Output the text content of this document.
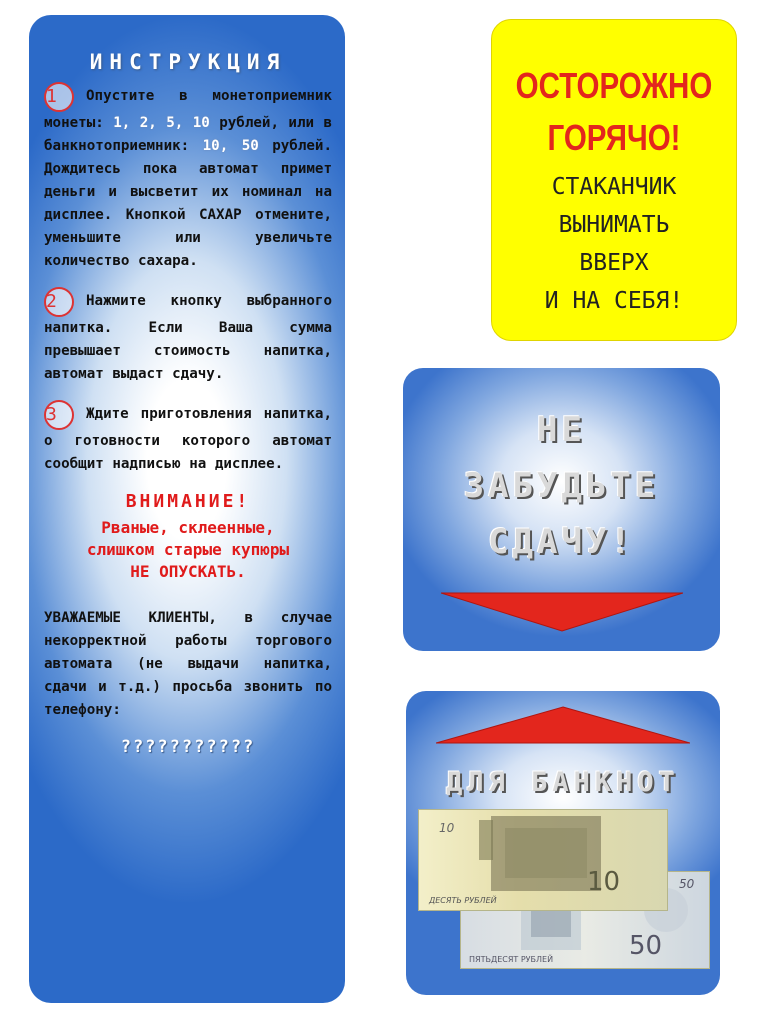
ИНСТРУКЦИЯ
1 Опустите в монетоприемник монеты: 1, 2, 5, 10 рублей, или в банкнотоприемник: 10, 50 рублей. Дождитесь пока автомат примет деньги и высветит их номинал на дисплее. Кнопкой САХАР отмените, уменьшите или увеличьте количество сахара.
2 Нажмите кнопку выбранного напитка. Если Ваша сумма превышает стоимость напитка, автомат выдаст сдачу.
3 Ждите приготовления напитка, о готовности которого автомат сообщит надписью на дисплее.
ВНИМАНИЕ!
Рваные, склеенные,
слишком старые купюры
НЕ ОПУСКАТЬ.
УВАЖАЕМЫЕ КЛИЕНТЫ, в случае некорректной работы торгового автомата (не выдачи напитка, сдачи и т.д.) просьба звонить по телефону:
???????????
ОСТОРОЖНО
ГОРЯЧО!
СТАКАНЧИК
ВЫНИМАТЬ
ВВЕРХ
И НА СЕБЯ!
НЕ
ЗАБУДЬТЕ
СДАЧУ!
ДЛЯ БАНКНОТ
50
50
ПЯТЬДЕСЯТ РУБЛЕЙ
10
10
ДЕСЯТЬ РУБЛЕЙ
